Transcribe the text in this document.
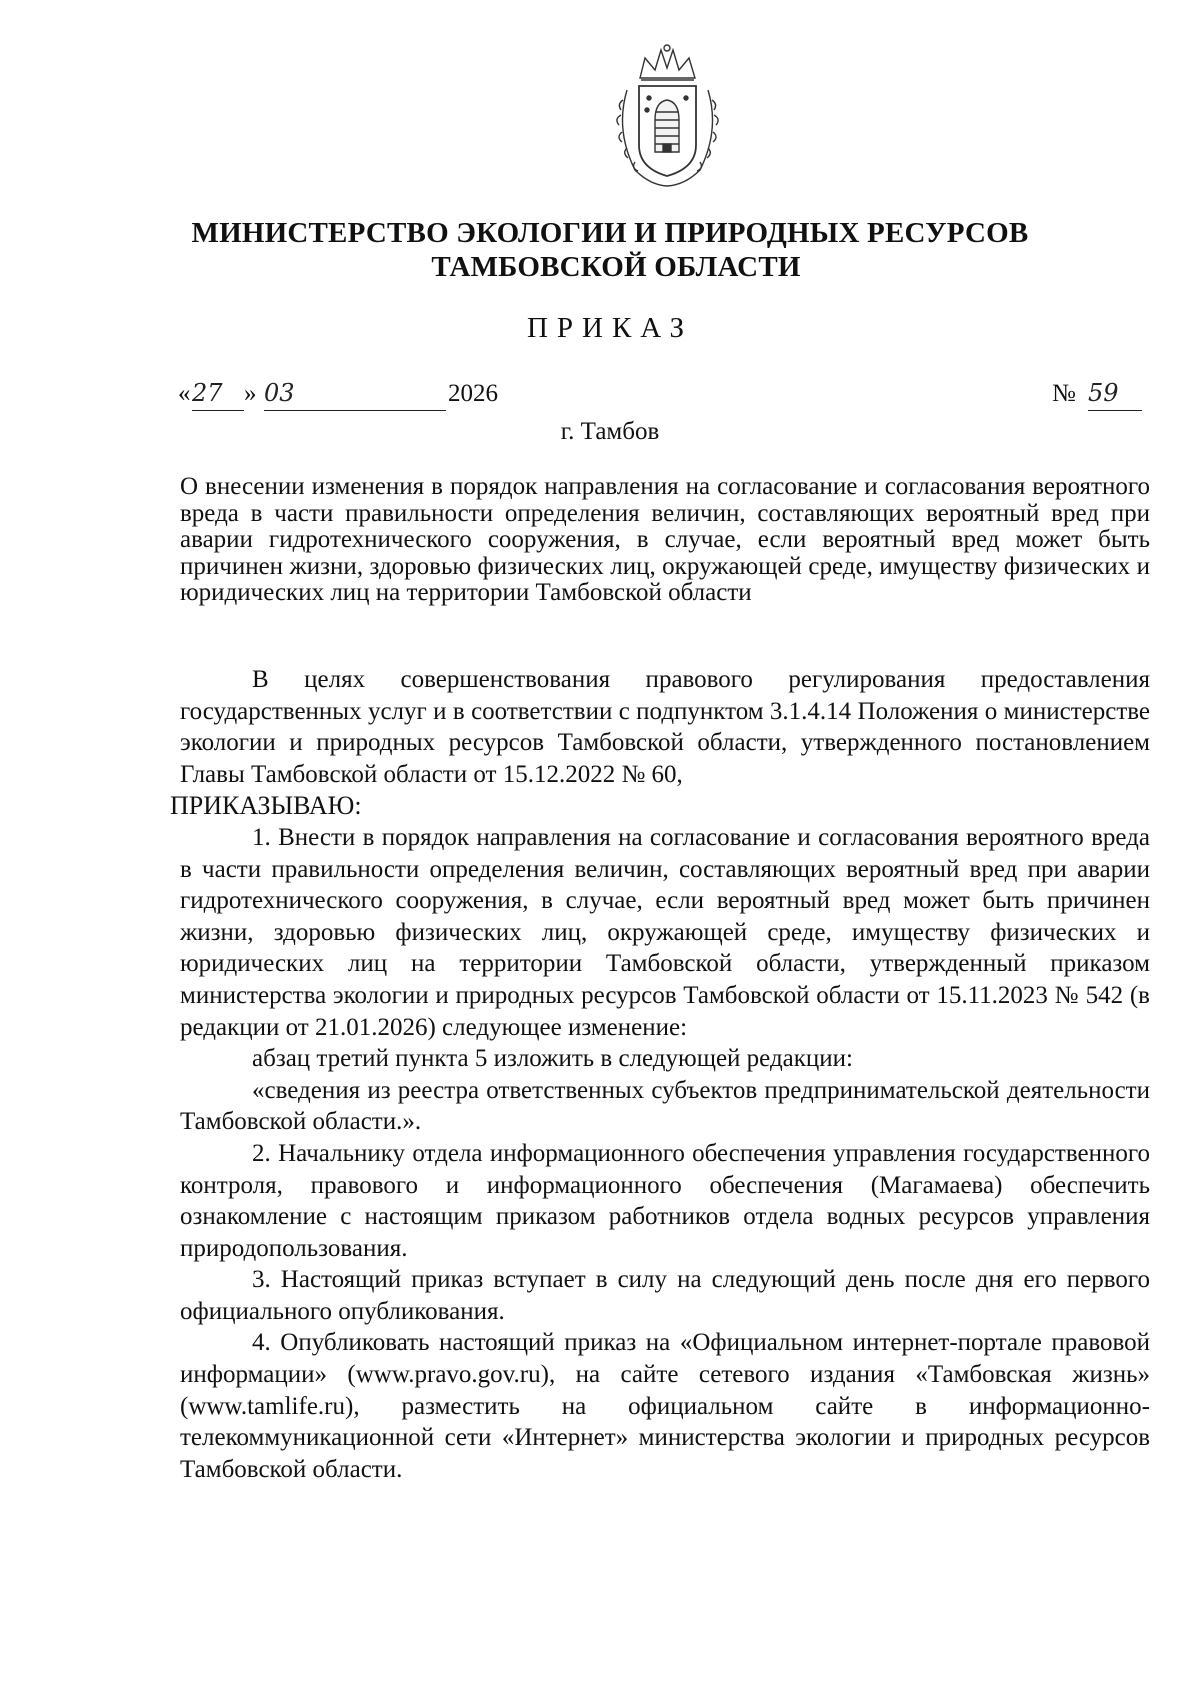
МИНИСТЕРСТВО ЭКОЛОГИИ И ПРИРОДНЫХ РЕСУРСОВ
ТАМБОВСКОЙ ОБЛАСТИ
ПРИКАЗ
« 27 » 03	2026	№ 59
г. Тамбов
О внесении изменения в порядок направления на согласование и согласования вероятного вреда в части правильности определения величин, составляющих вероятный вред при аварии гидротехнического сооружения, в случае, если вероятный вред может быть причинен жизни, здоровью физических лиц, окружающей среде, имуществу физических и юридических лиц на территории Тамбовской области

В целях совершенствования правового регулирования предоставления государственных услуг и в соответствии с подпунктом 3.1.4.14 Положения о министерстве экологии и природных ресурсов Тамбовской области, утвержденного постановлением Главы Тамбовской области от 15.12.2022 № 60,

ПРИКАЗЫВАЮ:

1. Внести в порядок направления на согласование и согласования вероятного вреда в части правильности определения величин, составляющих вероятный вред при аварии гидротехнического сооружения, в случае, если вероятный вред может быть причинен жизни, здоровью физических лиц, окружающей среде, имуществу физических и юридических лиц на территории Тамбовской области, утвержденный приказом министерства экологии и природных ресурсов Тамбовской области от 15.11.2023 № 542 (в редакции от 21.01.2026) следующее изменение:

абзац третий пункта 5 изложить в следующей редакции:

«сведения из реестра ответственных субъектов предпринимательской деятельности Тамбовской области.».

2. Начальнику отдела информационного обеспечения управления государственного контроля, правового и информационного обеспечения (Магамаева) обеспечить ознакомление с настоящим приказом работников отдела водных ресурсов управления природопользования.

3. Настоящий приказ вступает в силу на следующий день после дня его первого официального опубликования.

4. Опубликовать настоящий приказ на «Официальном интернет-портале правовой информации» (www.pravo.gov.ru), на сайте сетевого издания «Тамбовская жизнь» (www.tamlife.ru), разместить на официальном сайте в информационно-телекоммуникационной сети «Интернет» министерства экологии и природных ресурсов Тамбовской области.
